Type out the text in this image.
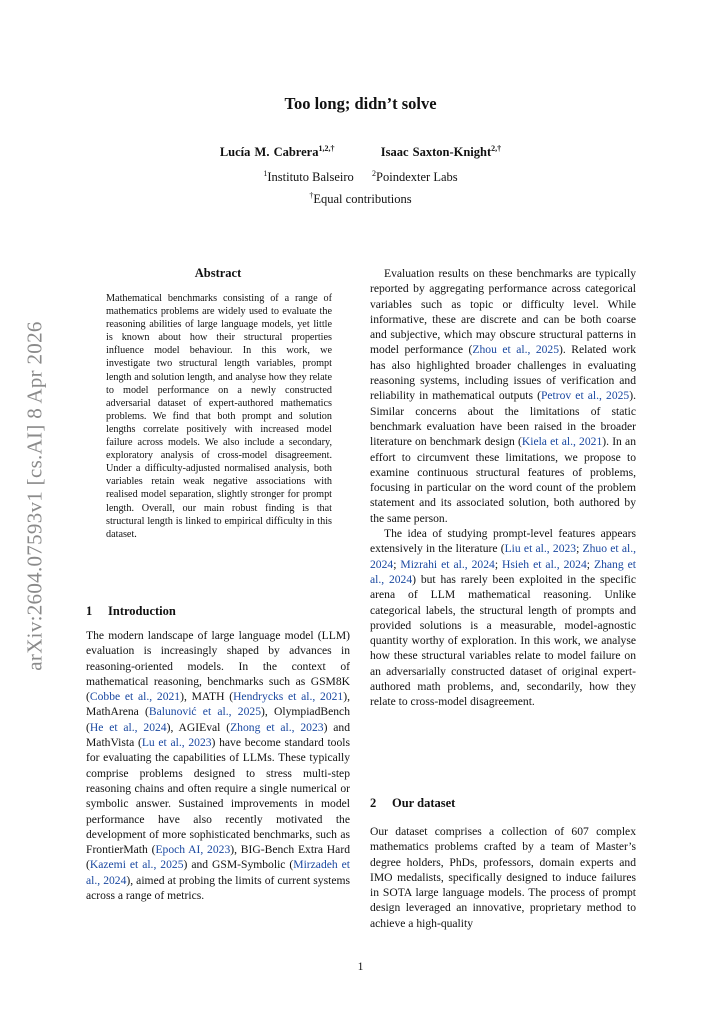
arXiv:2604.07593v1 [cs.AI] 8 Apr 2026
Too long; didn’t solve
Lucía M. Cabrera$^{1,2,\dagger}$	Isaac Saxton-Knight$^{2,\dagger}$
$^1$Instituto Balseiro $^2$Poindexter Labs
†Equal contributions
Abstract

Mathematical benchmarks consisting of a range of mathematics problems are widely used to evaluate the reasoning abilities of large language models, yet little is known about how their structural properties influence model behaviour. In this work, we investigate two structural length variables, prompt length and solution length, and analyse how they relate to model performance on a newly constructed adversarial dataset of expert-authored mathematics problems. We find that both prompt and solution lengths correlate positively with increased model failure across models. We also include a secondary, exploratory analysis of cross-model disagreement. Under a difficulty-adjusted normalised analysis, both variables retain weak negative associations with realised model separation, slightly stronger for prompt length. Overall, our main robust finding is that structural length is linked to empirical difficulty in this dataset.

1 Introduction

The modern landscape of large language model (LLM) evaluation is increasingly shaped by advances in reasoning-oriented models. In the context of mathematical reasoning, benchmarks such as GSM8K (Cobbe et al., 2021), MATH (Hendrycks et al., 2021), MathArena (Balunović et al., 2025), OlympiadBench (He et al., 2024), AGIEval (Zhong et al., 2023) and MathVista (Lu et al., 2023) have become standard tools for evaluating the capabilities of LLMs. These typically comprise problems designed to stress multi-step reasoning chains and often require a single numerical or symbolic answer. Sustained improvements in model performance have also recently motivated the development of more sophisticated benchmarks, such as FrontierMath (Epoch AI, 2023), BIG-Bench Extra Hard (Kazemi et al., 2025) and GSM-Symbolic (Mirzadeh et al., 2024), aimed at probing the limits of current systems across a range of metrics.

Evaluation results on these benchmarks are typically reported by aggregating performance across categorical variables such as topic or difficulty level. While informative, these are discrete and can be both coarse and subjective, which may obscure structural patterns in model performance (Zhou et al., 2025). Related work has also highlighted broader challenges in evaluating reasoning systems, including issues of verification and reliability in mathematical outputs (Petrov et al., 2025). Similar concerns about the limitations of static benchmark evaluation have been raised in the broader literature on benchmark design (Kiela et al., 2021). In an effort to circumvent these limitations, we propose to examine continuous structural features of problems, focusing in particular on the word count of the problem statement and its associated solution, both authored by the same person.

The idea of studying prompt-level features appears extensively in the literature (Liu et al., 2023; Zhuo et al., 2024; Mizrahi et al., 2024; Hsieh et al., 2024; Zhang et al., 2024) but has rarely been exploited in the specific arena of LLM mathematical reasoning. Unlike categorical labels, the structural length of prompts and provided solutions is a measurable, model-agnostic quantity worthy of exploration. In this work, we analyse how these structural variables relate to model failure on an adversarially constructed dataset of original expert-authored math problems, and, secondarily, how they relate to cross-model disagreement.

2 Our dataset

Our dataset comprises a collection of 607 complex mathematics problems crafted by a team of Master’s degree holders, PhDs, professors, domain experts and IMO medalists, specifically designed to induce failures in SOTA large language models. The process of prompt design leveraged an innovative, proprietary method to achieve a high-quality

1
